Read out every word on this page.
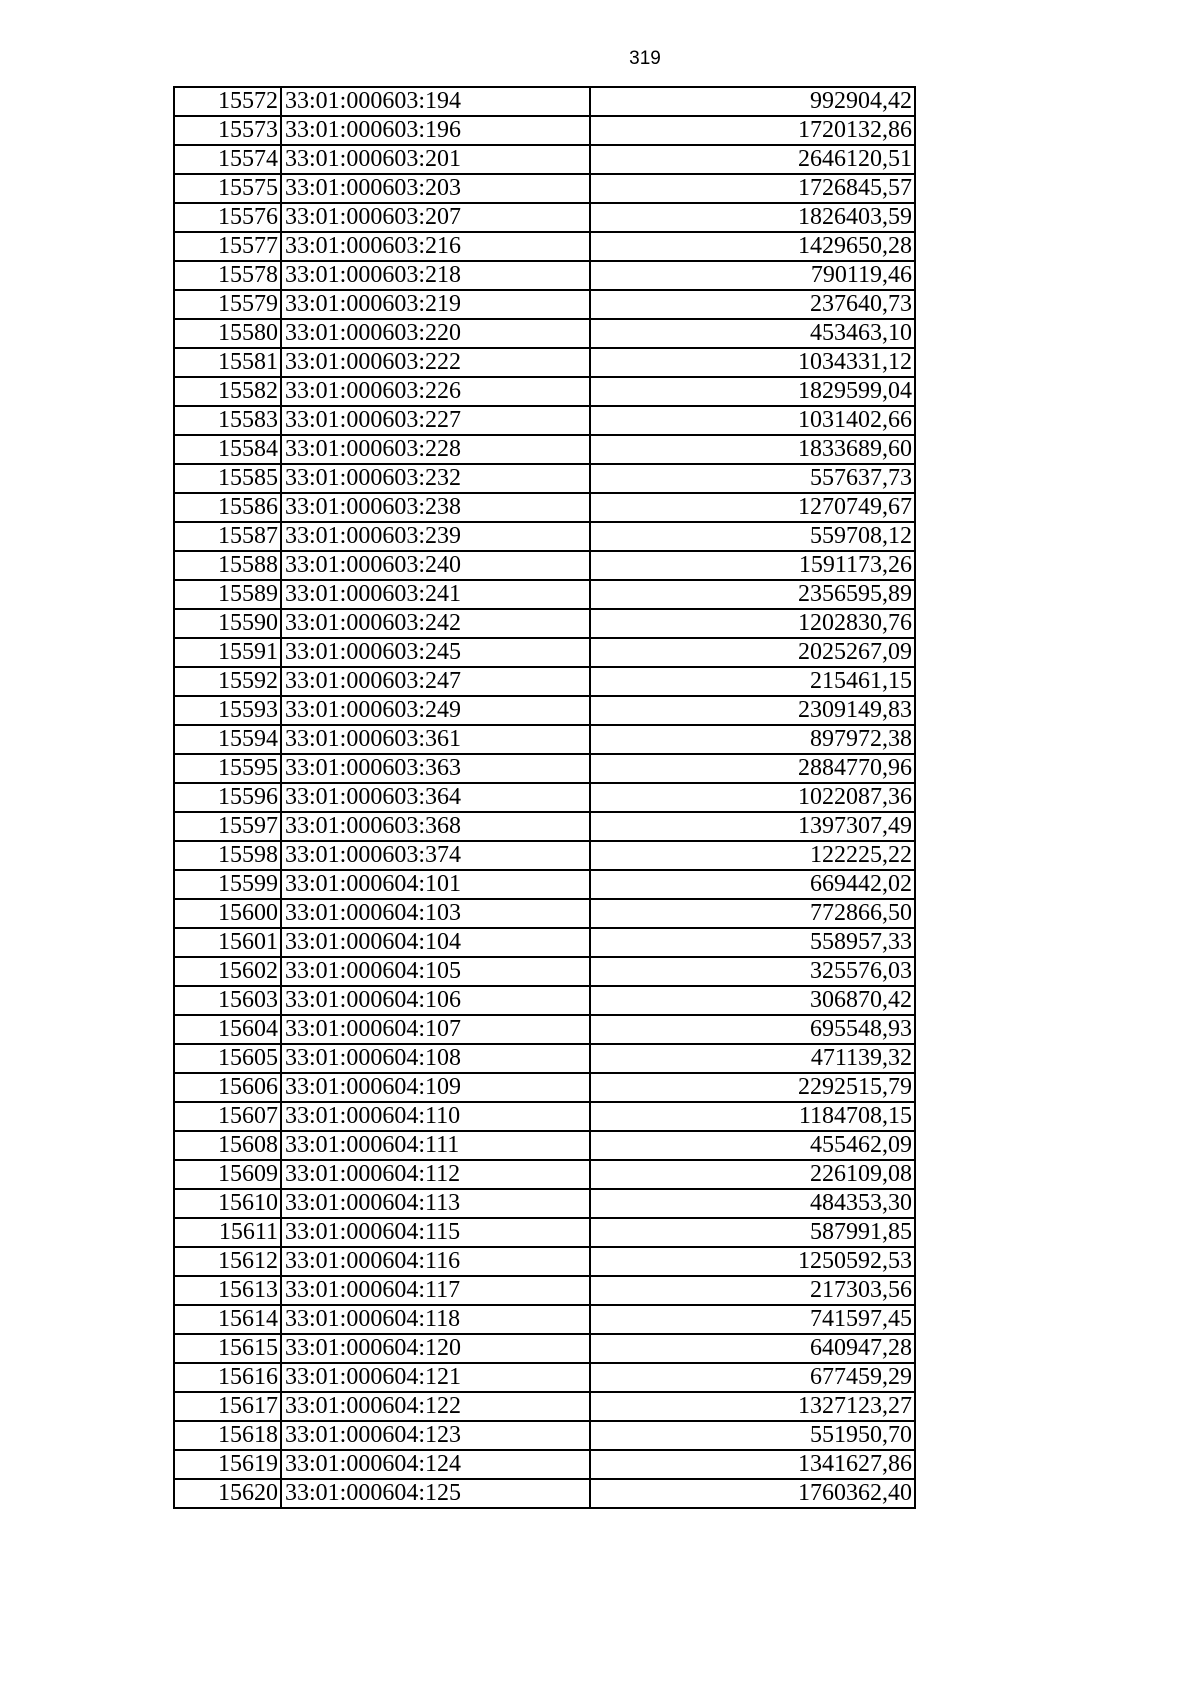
319
15572	33:01:000603:194	992904,42
15573	33:01:000603:196	1720132,86
15574	33:01:000603:201	2646120,51
15575	33:01:000603:203	1726845,57
15576	33:01:000603:207	1826403,59
15577	33:01:000603:216	1429650,28
15578	33:01:000603:218	790119,46
15579	33:01:000603:219	237640,73
15580	33:01:000603:220	453463,10
15581	33:01:000603:222	1034331,12
15582	33:01:000603:226	1829599,04
15583	33:01:000603:227	1031402,66
15584	33:01:000603:228	1833689,60
15585	33:01:000603:232	557637,73
15586	33:01:000603:238	1270749,67
15587	33:01:000603:239	559708,12
15588	33:01:000603:240	1591173,26
15589	33:01:000603:241	2356595,89
15590	33:01:000603:242	1202830,76
15591	33:01:000603:245	2025267,09
15592	33:01:000603:247	215461,15
15593	33:01:000603:249	2309149,83
15594	33:01:000603:361	897972,38
15595	33:01:000603:363	2884770,96
15596	33:01:000603:364	1022087,36
15597	33:01:000603:368	1397307,49
15598	33:01:000603:374	122225,22
15599	33:01:000604:101	669442,02
15600	33:01:000604:103	772866,50
15601	33:01:000604:104	558957,33
15602	33:01:000604:105	325576,03
15603	33:01:000604:106	306870,42
15604	33:01:000604:107	695548,93
15605	33:01:000604:108	471139,32
15606	33:01:000604:109	2292515,79
15607	33:01:000604:110	1184708,15
15608	33:01:000604:111	455462,09
15609	33:01:000604:112	226109,08
15610	33:01:000604:113	484353,30
15611	33:01:000604:115	587991,85
15612	33:01:000604:116	1250592,53
15613	33:01:000604:117	217303,56
15614	33:01:000604:118	741597,45
15615	33:01:000604:120	640947,28
15616	33:01:000604:121	677459,29
15617	33:01:000604:122	1327123,27
15618	33:01:000604:123	551950,70
15619	33:01:000604:124	1341627,86
15620	33:01:000604:125	1760362,40
